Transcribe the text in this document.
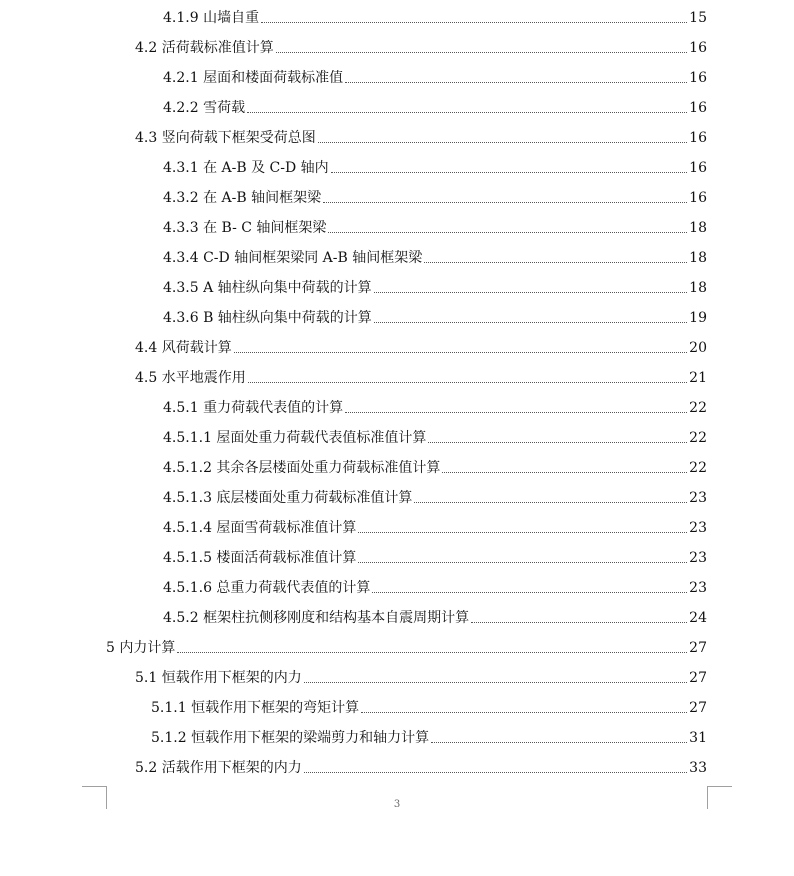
4.1.9 山墙自重	15
4.2 活荷载标准值计算	16
4.2.1 屋面和楼面荷载标准值	16
4.2.2 雪荷载	16
4.3 竖向荷载下框架受荷总图	16
4.3.1 在 A-B 及 C-D 轴内	16
4.3.2 在 A-B 轴间框架梁	16
4.3.3 在 B- C 轴间框架梁	18
4.3.4 C-D 轴间框架梁同 A-B 轴间框架梁	18
4.3.5 A 轴柱纵向集中荷载的计算	18
4.3.6 B 轴柱纵向集中荷载的计算	19
4.4 风荷载计算	20
4.5 水平地震作用	21
4.5.1 重力荷载代表值的计算	22
4.5.1.1 屋面处重力荷载代表值标准值计算	22
4.5.1.2 其余各层楼面处重力荷载标准值计算	22
4.5.1.3 底层楼面处重力荷载标准值计算	23
4.5.1.4 屋面雪荷载标准值计算	23
4.5.1.5 楼面活荷载标准值计算	23
4.5.1.6 总重力荷载代表值的计算	23
4.5.2 框架柱抗侧移刚度和结构基本自震周期计算	24
5 内力计算	27
5.1 恒载作用下框架的内力	27
5.1.1 恒载作用下框架的弯矩计算	27
5.1.2 恒载作用下框架的梁端剪力和轴力计算	31
5.2 活载作用下框架的内力	33
3
